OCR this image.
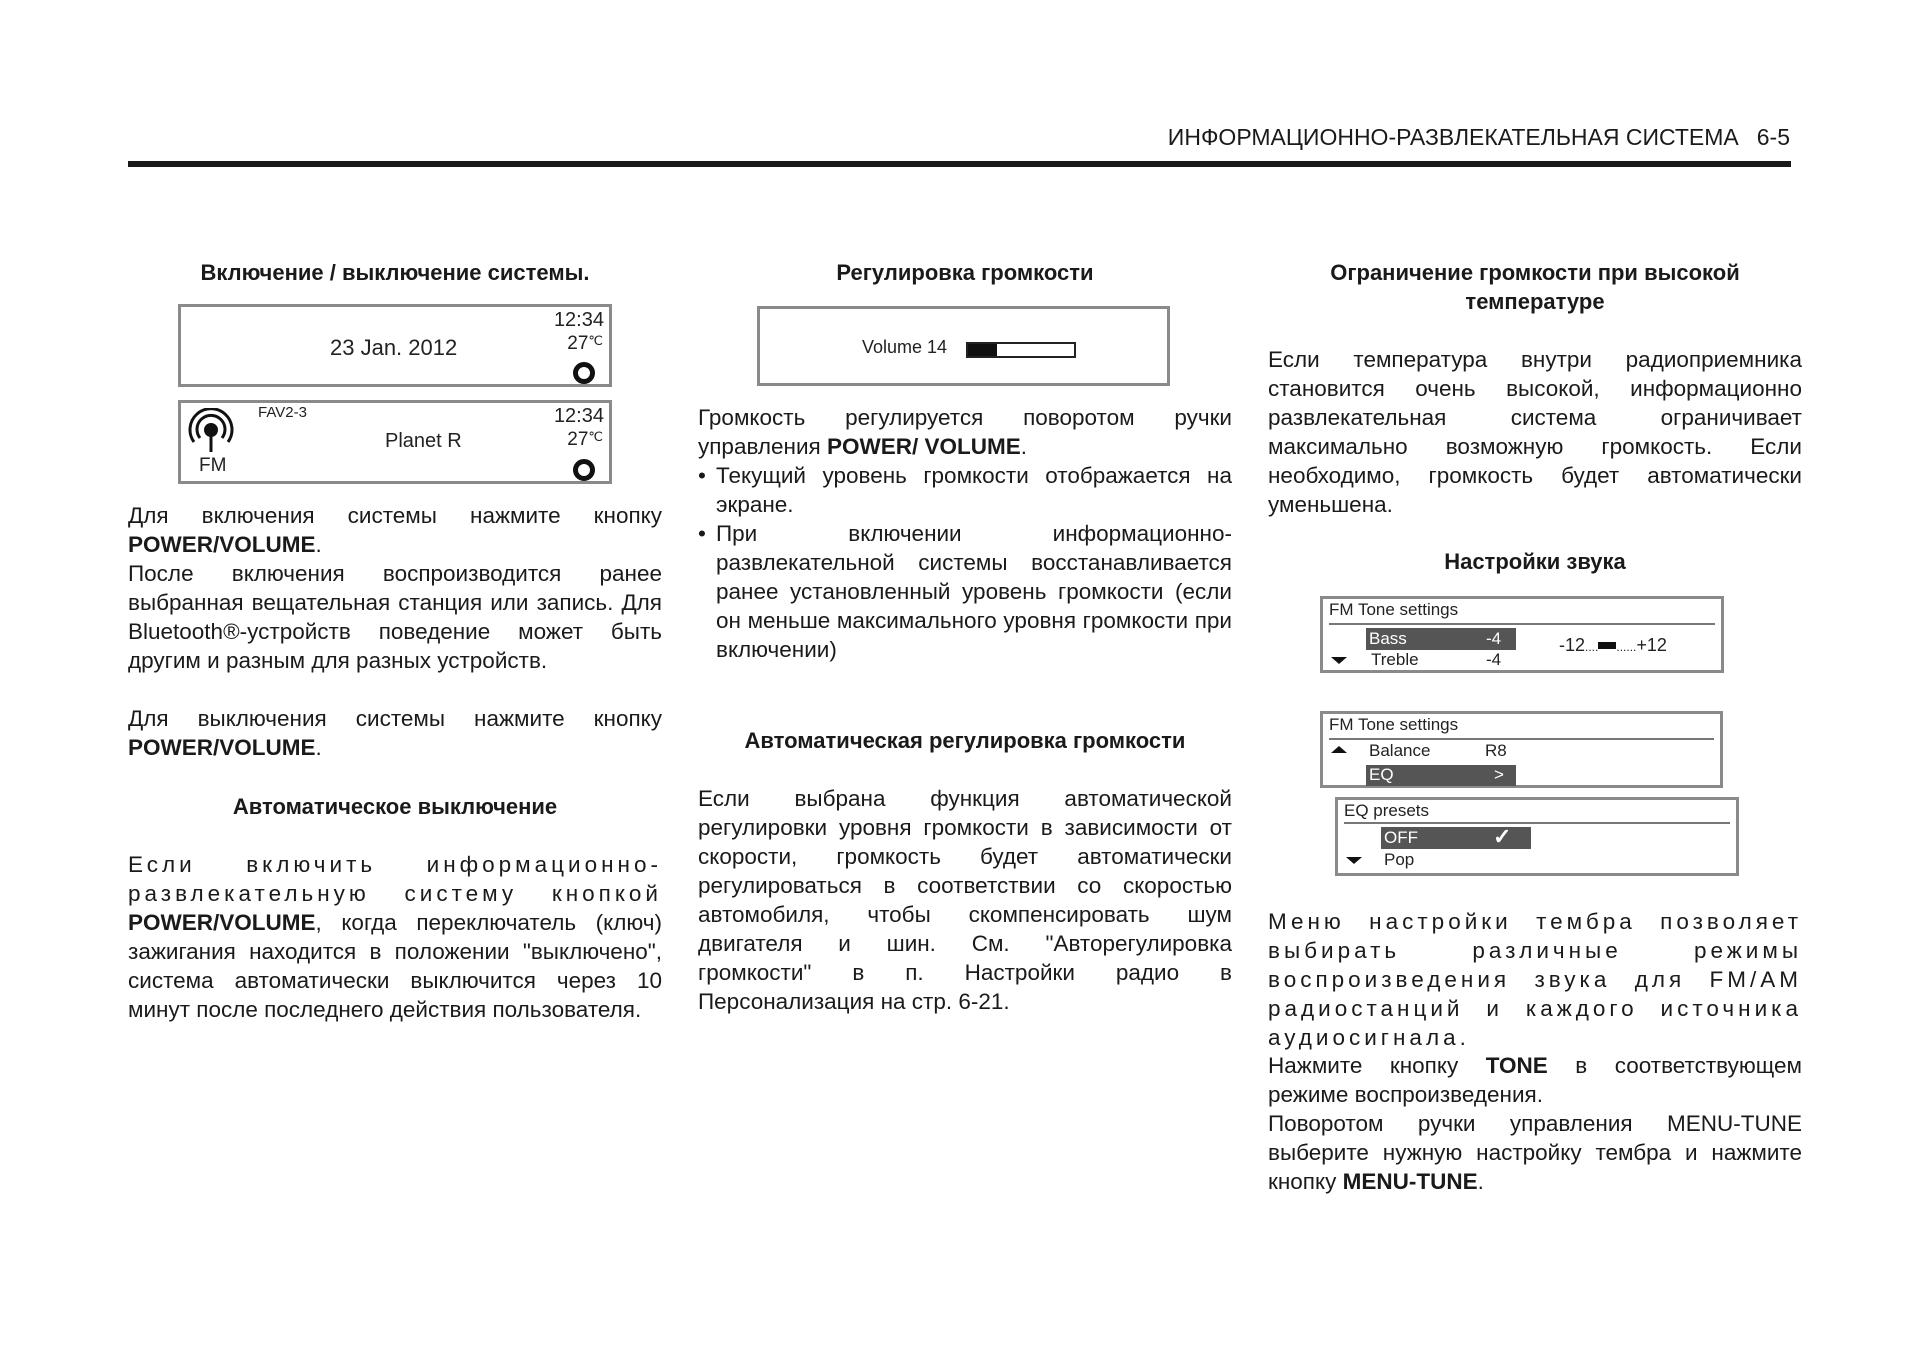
ИНФОРМАЦИОННО-РАЗВЛЕКАТЕЛЬНАЯ СИСТЕМА 6-5
Включение / выключение системы.
23 Jan. 2012
12:34
27℃
FM
FAV2-3
Planet R
12:34
27℃

Для включения системы нажмите кнопку POWER/VOLUME.

После включения воспроизводится ранее выбранная вещательная станция или запись. Для Bluetooth®-устройств поведение может быть другим и разным для разных устройств.

Для выключения системы нажмите кнопку POWER/VOLUME.

Автоматическое выключение

Если включить информационно-развлекательную систему кнопкой POWER/VOLUME, когда переключатель (ключ) зажигания находится в положении "выключено", система автоматически выключится через 10 минут после последнего действия пользователя.

Регулировка громкости
Volume 14

Громкость регулируется поворотом ручки управления POWER/ VOLUME.

• Текущий уровень громкости отображается на экране.
• При включении информационно-развлекательной системы восстанавливается ранее установленный уровень громкости (если он меньше максимального уровня громкости при включении)
Автоматическая регулировка громкости

Если выбрана функция автоматической регулировки уровня громкости в зависимости от скорости, громкость будет автоматически регулироваться в соответствии со скоростью автомобиля, чтобы скомпенсировать шум двигателя и шин. См. "Авторегулировка громкости" в п. Настройки радио в Персонализация на стр. 6-21.

Ограничение громкости при высокой температуре

Если температура внутри радиоприемника становится очень высокой, информационно развлекательная система ограничивает максимально возможную громкость. Если необходимо, громкость будет автоматически уменьшена.

Настройки звука
FM Tone settings
Bass	-4
Treble	-4
-12.... ......+12
FM Tone settings
Balance	R8
EQ	>
EQ presets
OFF	✓
Pop

Меню настройки тембра позволяет выбирать различные режимы воспроизведения звука для FM/AM радиостанций и каждого источника аудиосигнала.

Нажмите кнопку TONE в соответствующем режиме воспроизведения.

Поворотом ручки управления MENU-TUNE выберите нужную настройку тембра и нажмите кнопку MENU-TUNE.
